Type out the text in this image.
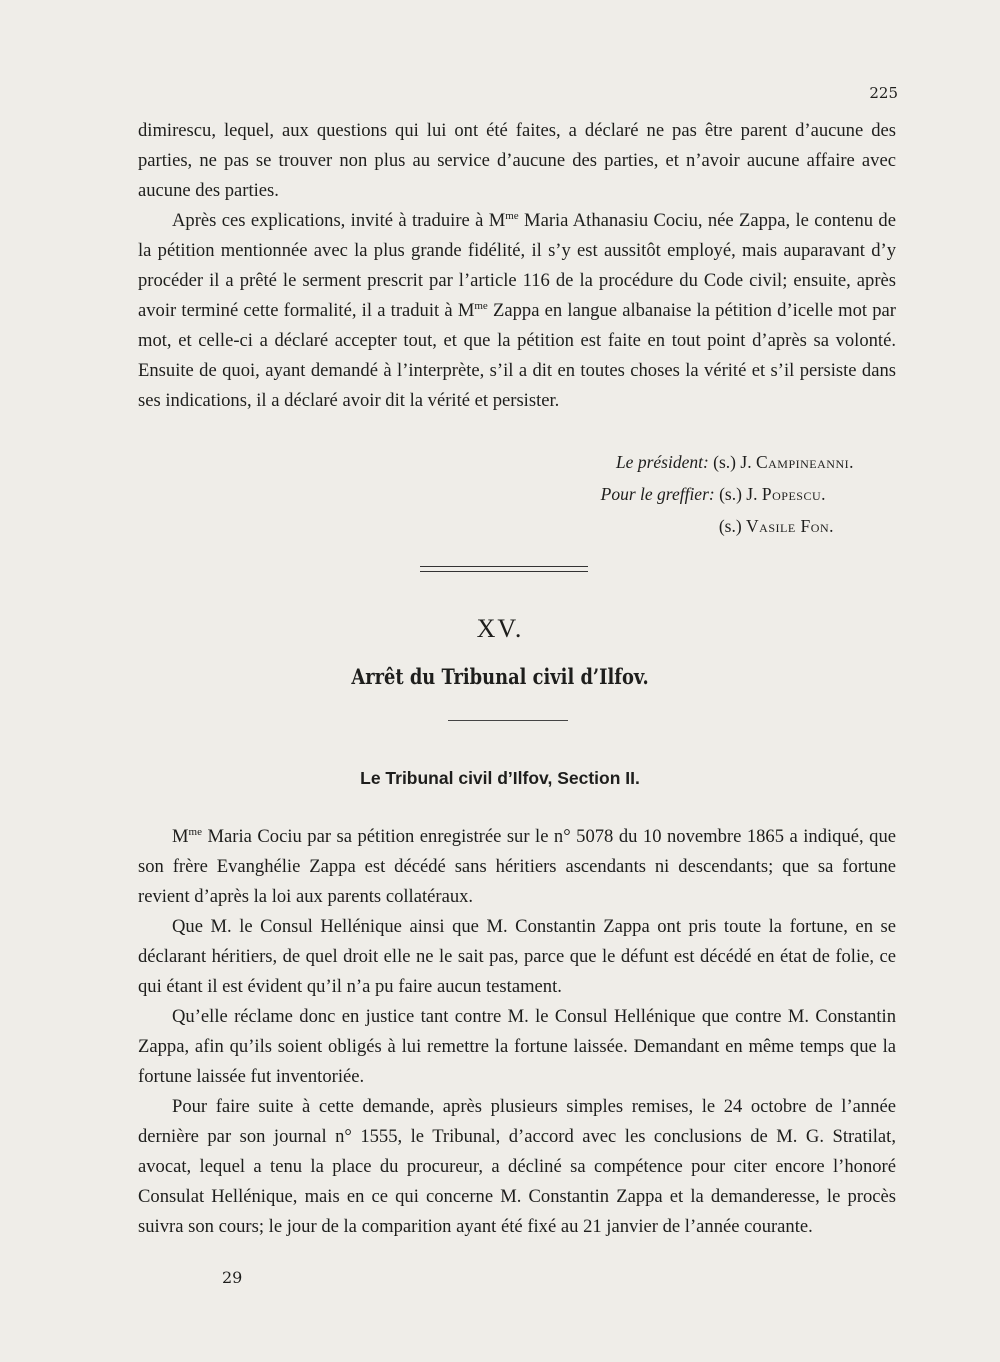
225

dimirescu, lequel, aux questions qui lui ont été faites, a déclaré ne pas être parent d’aucune des parties, ne pas se trouver non plus au service d’aucune des parties, et n’avoir aucune affaire avec aucune des parties.

Après ces explications, invité à traduire à $M^{me}$ Maria Athanasiu Cociu, née Zappa, le contenu de la pétition mentionnée avec la plus grande fidélité, il s’y est aussitôt employé, mais auparavant d’y procéder il a prêté le serment prescrit par l’article 116 de la procédure du Code civil; ensuite, après avoir terminé cette formalité, il a traduit à $M^{me}$ Zappa en langue albanaise la pétition d’icelle mot par mot, et celle-ci a déclaré accepter tout, et que la pétition est faite en tout point d’après sa volonté. Ensuite de quoi, ayant demandé à l’interprète, s’il a dit en toutes choses la vérité et s’il persiste dans ses indications, il a déclaré avoir dit la vérité et persister.

Le président: (s.) J. Campineanni.
Pour le greffier: (s.) J. Popescu.
(s.) Vasile Fon.
XV.
Arrêt du Tribunal civil d’Ilfov.
Le Tribunal civil d’Ilfov, Section II.

$M^{me}$ Maria Cociu par sa pétition enregistrée sur le n° 5078 du 10 novembre 1865 a indiqué, que son frère Evanghélie Zappa est décédé sans héritiers ascendants ni descendants; que sa fortune revient d’après la loi aux parents collatéraux.

Que M. le Consul Hellénique ainsi que M. Constantin Zappa ont pris toute la fortune, en se déclarant héritiers, de quel droit elle ne le sait pas, parce que le défunt est décédé en état de folie, ce qui étant il est évident qu’il n’a pu faire aucun testament.

Qu’elle réclame donc en justice tant contre M. le Consul Hellénique que contre M. Constantin Zappa, afin qu’ils soient obligés à lui remettre la fortune laissée. Demandant en même temps que la fortune laissée fut inventoriée.

Pour faire suite à cette demande, après plusieurs simples remises, le 24 octobre de l’année dernière par son journal n° 1555, le Tribunal, d’accord avec les conclusions de M. G. Stratilat, avocat, lequel a tenu la place du procureur, a décliné sa compétence pour citer encore l’honoré Consulat Hellénique, mais en ce qui concerne M. Constantin Zappa et la demanderesse, le procès suivra son cours; le jour de la comparition ayant été fixé au 21 janvier de l’année courante.

29
